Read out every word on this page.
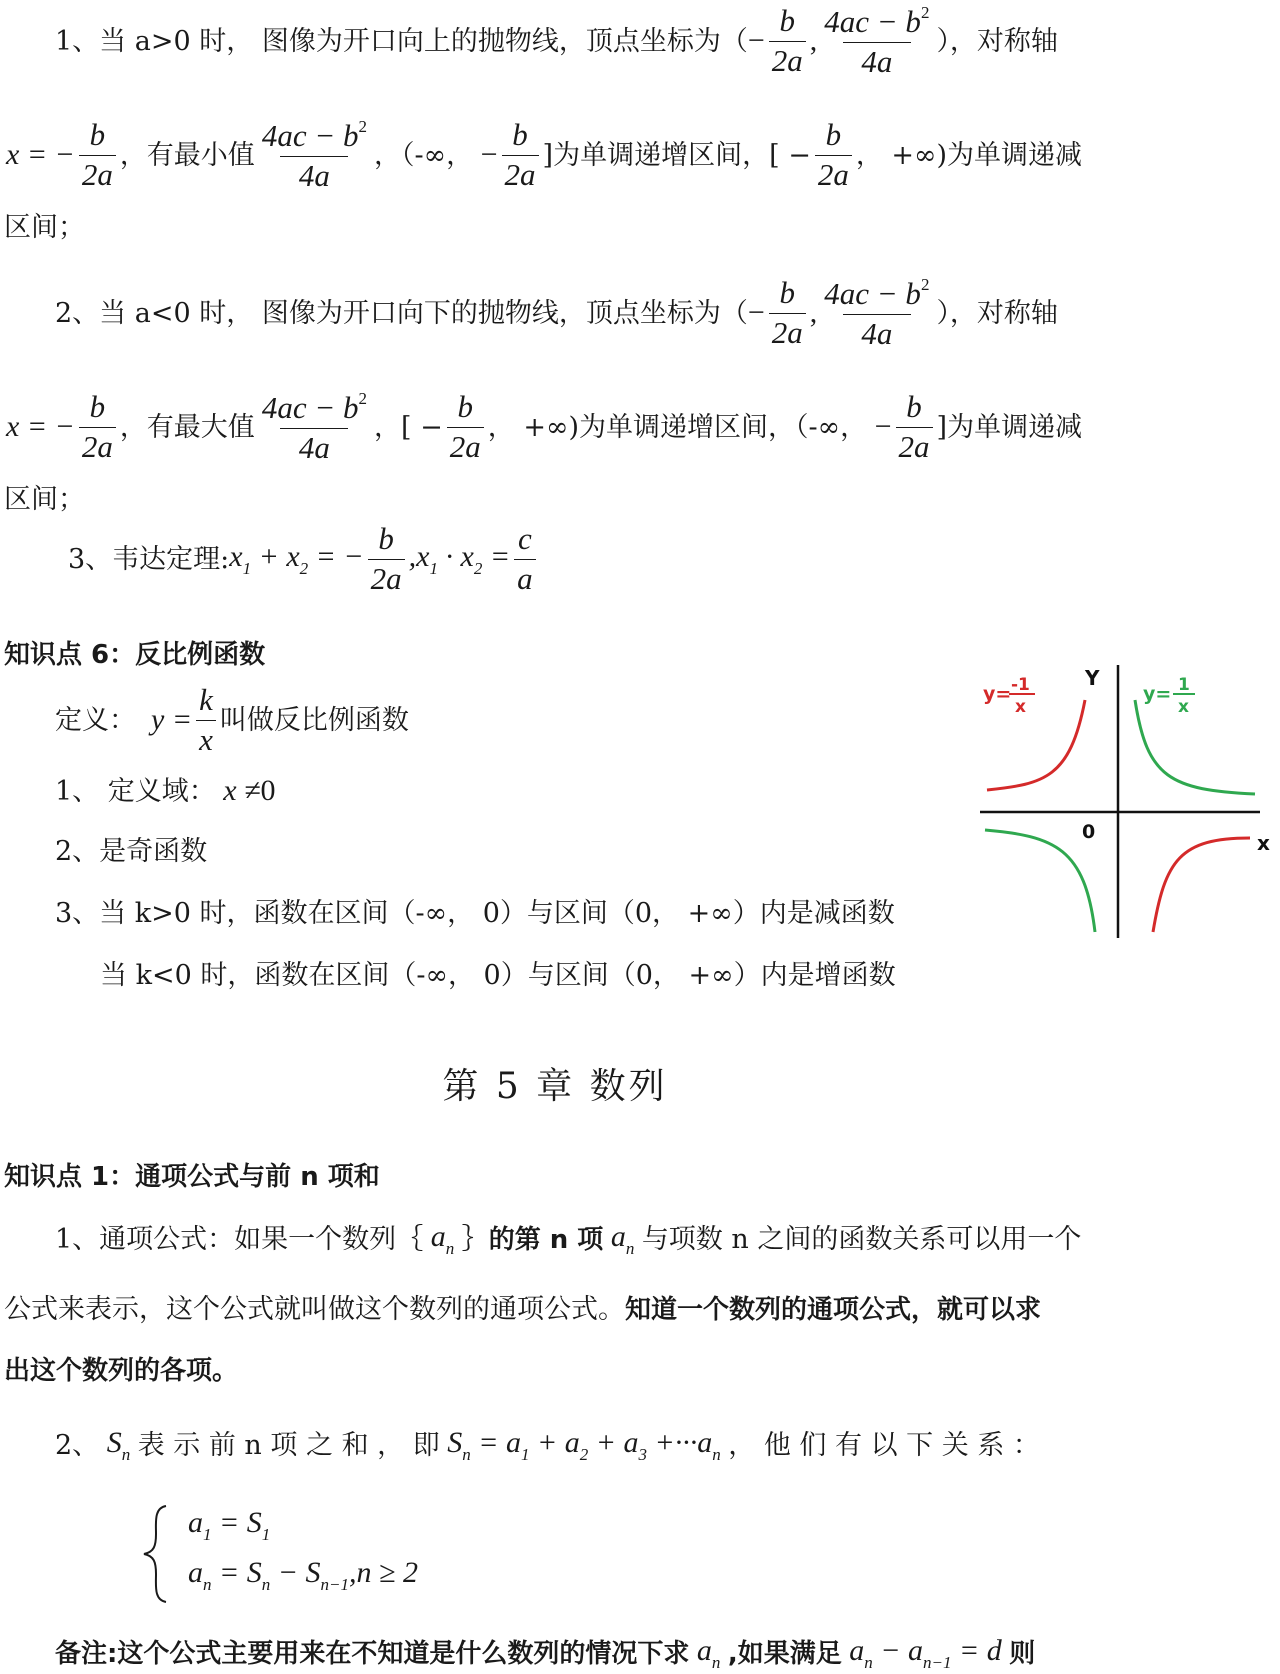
1、当 a>0 时， 图像为开口向上的抛物线，顶点坐标为（ − $\frac{b}{2a}$ , $\frac{4ac - b^2}{4a}$ ），对称轴
x = − $\frac{b}{2a}$ ，有最小值 $\frac{4ac - b^2}{4a}$ ，（-∞， − $\frac{b}{2a}$ ]为单调递增区间，[ − $\frac{b}{2a}$ ， +∞)为单调递减
区间；
2、当 a<0 时， 图像为开口向下的抛物线，顶点坐标为（ − $\frac{b}{2a}$ , $\frac{4ac - b^2}{4a}$ ），对称轴
x = − $\frac{b}{2a}$ ，有最大值 $\frac{4ac - b^2}{4a}$ ，[ − $\frac{b}{2a}$ ， +∞)为单调递增区间，（-∞， − $\frac{b}{2a}$ ]为单调递减
区间；
3、韦达定理: $x_1 + x_2$ = − $\frac{b}{2a} ,x_1 \cdot x_2 = \frac{c}{a}$
知识点 6：反比例函数
定义： $y = \frac{k}{x}$ 叫做反比例函数
1、 定义域： x ≠ 0
2、是奇函数
3、当 k>0 时，函数在区间（-∞， 0）与区间（0， +∞）内是减函数
当 k<0 时，函数在区间（-∞， 0）与区间（0， +∞）内是增函数
Y
x
0
y= -1
x
y= 1
x
第 5 章 数列
知识点 1：通项公式与前 n 项和
1、通项公式：如果一个数列｛ $a_n$ ｝ 的第 n 项 $a_n$ 与项数 n 之间的函数关系可以用一个
公式来表示，这个公式就叫做这个数列的通项公式。 知道一个数列的通项公式，就可以求
出这个数列的各项。
2、 $S_n$ 表 示 前 n 项 之 和 ， 即 $S_n = a_1 + a_2 + a_3 +\cdot\cdot\cdot a_n$ ， 他 们 有 以 下 关 系 ：
$a_1 = S_1$
$a_n = S_n - S_{n-1},n \ge 2$
备注:这个公式主要用来在不知道是什么数列的情况下求 $a_n$ ,如果满足 $a_n - a_{n-1} = d$ 则
